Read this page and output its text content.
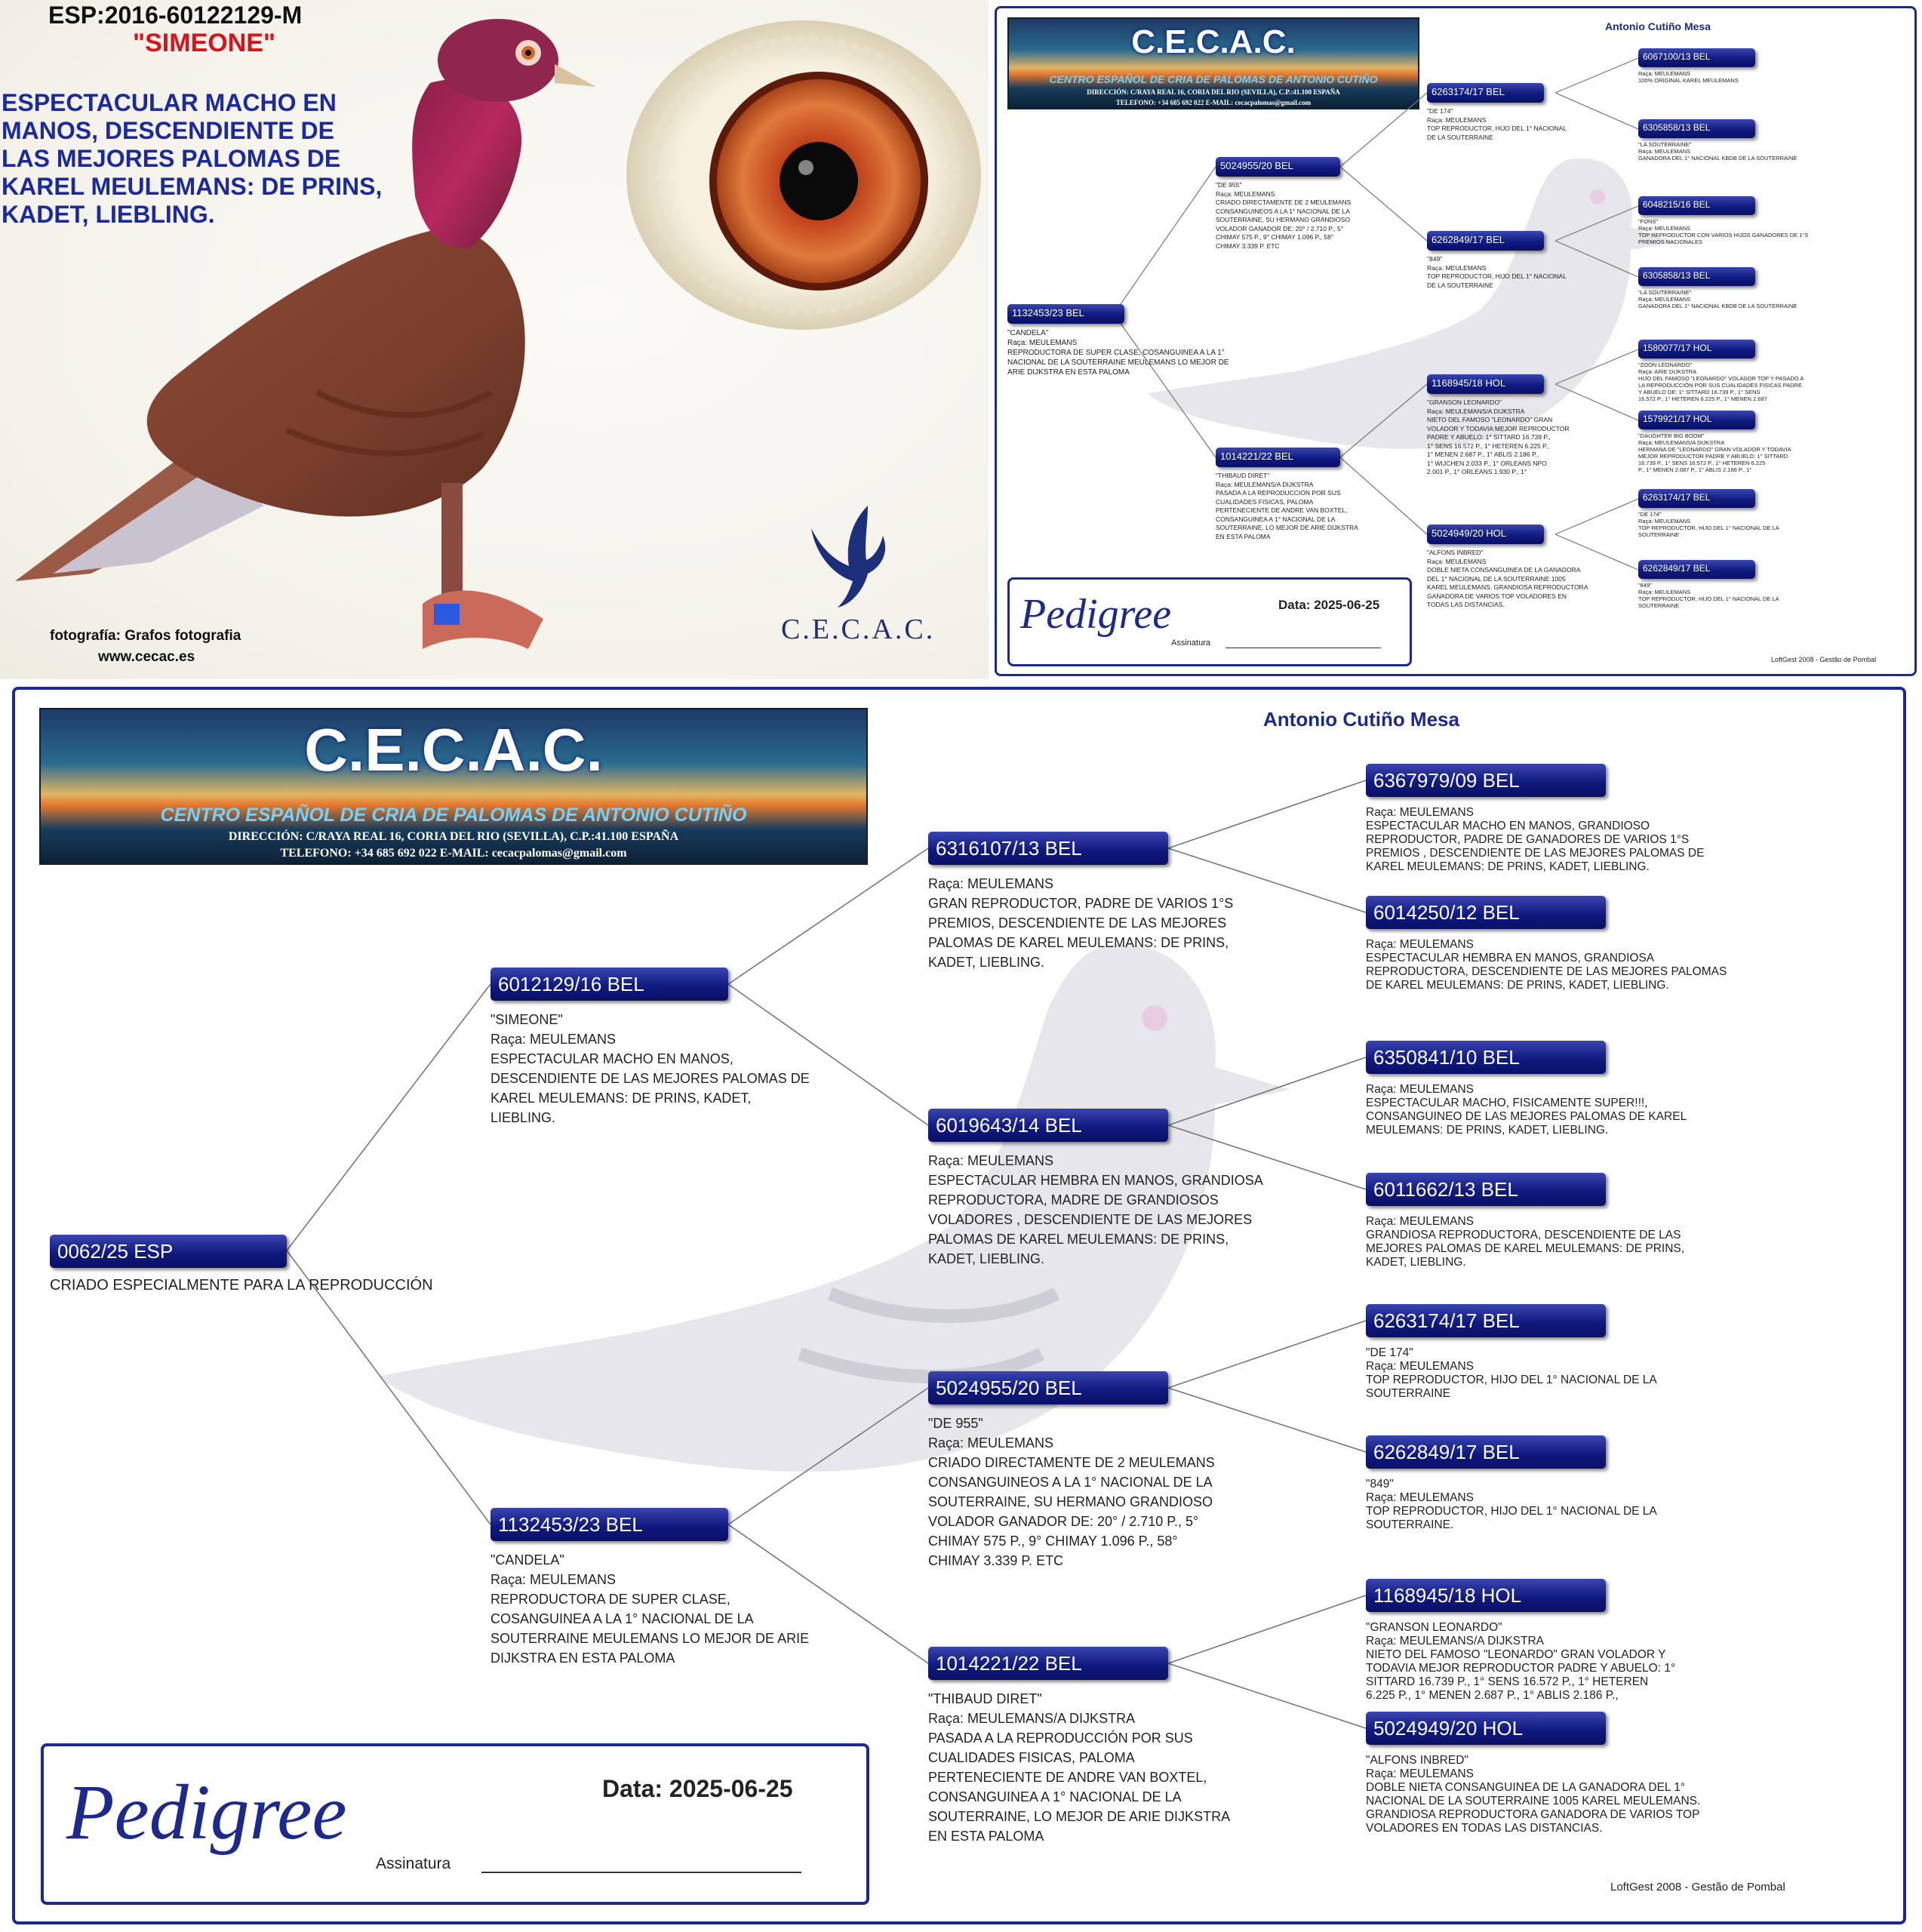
ESP:2016-60122129-M
"SIMEONE"
ESPECTACULAR MACHO EN
MANOS, DESCENDIENTE DE
LAS MEJORES PALOMAS DE
KAREL MEULEMANS: DE PRINS,
KADET, LIEBLING.
fotografía: Grafos fotografia
www.cecac.es
C.E.C.A.C.
C.E.C.A.C.
CENTRO ESPAÑOL DE CRIA DE PALOMAS DE ANTONIO CUTIÑO
DIRECCIÓN: C/RAYA REAL 16, CORIA DEL RIO (SEVILLA), C.P.:41.100 ESPAÑA
TELEFONO: +34 685 692 022 E-MAIL: cecacpalomas@gmail.com
Antonio Cutiño Mesa
1132453/23 BEL
"CANDELA"
Raça: MEULEMANS
REPRODUCTORA DE SUPER CLASE, COSANGUINEA A LA 1°
NACIONAL DE LA SOUTERRAINE MEULEMANS LO MEJOR DE
ARIE DIJKSTRA EN ESTA PALOMA
5024955/20 BEL
"DE 955"
Raça: MEULEMANS
CRIADO DIRECTAMENTE DE 2 MEULEMANS
CONSANGUINEOS A LA 1° NACIONAL DE LA
SOUTERRAINE, SU HERMANO GRANDIOSO
VOLADOR GANADOR DE: 20° / 2.710 P., 5°
CHIMAY 575 P., 9° CHIMAY 1.096 P., 58°
CHIMAY 3.339 P. ETC
1014221/22 BEL
"THIBAUD DIRET"
Raça: MEULEMANS/A DIJKSTRA
PASADA A LA REPRODUCCIÓN POR SUS
CUALIDADES FISICAS, PALOMA
PERTENECIENTE DE ANDRE VAN BOXTEL,
CONSANGUINEA A 1° NACIONAL DE LA
SOUTERRAINE, LO MEJOR DE ARIE DIJKSTRA
EN ESTA PALOMA
6263174/17 BEL
"DE 174"
Raça: MEULEMANS
TOP REPRODUCTOR, HIJO DEL 1° NACIONAL
DE LA SOUTERRAINE
6262849/17 BEL
"849"
Raça: MEULEMANS
TOP REPRODUCTOR, HIJO DEL 1° NACIONAL
DE LA SOUTERRAINE
1168945/18 HOL
"GRANSON LEONARDO"
Raça: MEULEMANS/A DIJKSTRA
NIETO DEL FAMOSO "LEONARDO" GRAN
VOLADOR Y TODAVIA MEJOR REPRODUCTOR
PADRE Y ABUELO: 1° SITTARD 16.739 P.,
1° SENS 16.572 P., 1° HETEREN 6.225 P.,
1° MENEN 2.687 P., 1° ABLIS 2.186 P.,
1° WIJCHEN 2.033 P., 1° ORLEANS NPO
2.001 P., 1° ORLEANS 1.930 P., 1°
5024949/20 HOL
"ALFONS INBRED"
Raça: MEULEMANS
DOBLE NIETA CONSANGUINEA DE LA GANADORA
DEL 1° NACIONAL DE LA SOUTERRAINE 1005
KAREL MEULEMANS. GRANDIOSA REPRODUCTORA
GANADORA DE VARIOS TOP VOLADORES EN
TODAS LAS DISTANCIAS.
6067100/13 BEL
Raça: MEULEMANS
100% ORIGINAL KAREL MEULEMANS
6305858/13 BEL
"LA SOUTERRAINE"
Raça: MEULEMANS
GANADORA DEL 1° NACIONAL KBDB DE LA SOUTERRAINE
6048215/16 BEL
"FONS"
Raça: MEULEMANS
TOP REPRODUCTOR CON VARIOS HIJOS GANADORES DE 1°S
PREMIOS NACIONALES
6305858/13 BEL
"LA SOUTERRAINE"
Raça: MEULEMANS
GANADORA DEL 1° NACIONAL KBDB DE LA SOUTERRAINE
1580077/17 HOL
"ZOON LEONARDO"
Raça: ARIE DIJKSTRA
HIJO DEL FAMOSO "LEONARDO" VOLADOR TOP Y PASADO A
LA REPRODUCCIÓN POR SUS CUALIDADES FISICAS PADRE
Y ABUELO DE: 1° SITTARD 16.739 P., 1° SENS
16.572 P., 1° HETEREN 6.225 P., 1° MENEN 2.687
1579921/17 HOL
"DAUGHTER BIG BOOM"
Raça: MEULEMANS/A DIJKSTRA
HERMANA DE "LEONARDO" GRAN VOLADOR Y TODAVIA
MEJOR REPRODUCTOR PADRE Y ABUELO: 1° SITTARD
16.739 P., 1° SENS 16.572 P., 1° HETEREN 6.225
P., 1° MENEN 2.687 P., 1° ABLIS 2.186 P., 1°
6263174/17 BEL
"DE 174"
Raça: MEULEMANS
TOP REPRODUCTOR, HIJO DEL 1° NACIONAL DE LA
SOUTERRAINE
6262849/17 BEL
"849"
Raça: MEULEMANS
TOP REPRODUCTOR, HIJO DEL 1° NACIONAL DE LA
SOUTERRAINE
Pedigree	Data: 2025-06-25
Assinatura
LoftGest 2008 - Gestão de Pombal
C.E.C.A.C.
CENTRO ESPAÑOL DE CRIA DE PALOMAS DE ANTONIO CUTIÑO
DIRECCIÓN: C/RAYA REAL 16, CORIA DEL RIO (SEVILLA), C.P.:41.100 ESPAÑA
TELEFONO: +34 685 692 022 E-MAIL: cecacpalomas@gmail.com
Antonio Cutiño Mesa
0062/25 ESP
CRIADO ESPECIALMENTE PARA LA REPRODUCCIÓN
6012129/16 BEL
"SIMEONE"
Raça: MEULEMANS
ESPECTACULAR MACHO EN MANOS,
DESCENDIENTE DE LAS MEJORES PALOMAS DE
KAREL MEULEMANS: DE PRINS, KADET,
LIEBLING.
1132453/23 BEL
"CANDELA"
Raça: MEULEMANS
REPRODUCTORA DE SUPER CLASE,
COSANGUINEA A LA 1° NACIONAL DE LA
SOUTERRAINE MEULEMANS LO MEJOR DE ARIE
DIJKSTRA EN ESTA PALOMA
6316107/13 BEL
Raça: MEULEMANS
GRAN REPRODUCTOR, PADRE DE VARIOS 1°S
PREMIOS, DESCENDIENTE DE LAS MEJORES
PALOMAS DE KAREL MEULEMANS: DE PRINS,
KADET, LIEBLING.
6019643/14 BEL
Raça: MEULEMANS
ESPECTACULAR HEMBRA EN MANOS, GRANDIOSA
REPRODUCTORA, MADRE DE GRANDIOSOS
VOLADORES , DESCENDIENTE DE LAS MEJORES
PALOMAS DE KAREL MEULEMANS: DE PRINS,
KADET, LIEBLING.
5024955/20 BEL
"DE 955"
Raça: MEULEMANS
CRIADO DIRECTAMENTE DE 2 MEULEMANS
CONSANGUINEOS A LA 1° NACIONAL DE LA
SOUTERRAINE, SU HERMANO GRANDIOSO
VOLADOR GANADOR DE: 20° / 2.710 P., 5°
CHIMAY 575 P., 9° CHIMAY 1.096 P., 58°
CHIMAY 3.339 P. ETC
1014221/22 BEL
"THIBAUD DIRET"
Raça: MEULEMANS/A DIJKSTRA
PASADA A LA REPRODUCCIÓN POR SUS
CUALIDADES FISICAS, PALOMA
PERTENECIENTE DE ANDRE VAN BOXTEL,
CONSANGUINEA A 1° NACIONAL DE LA
SOUTERRAINE, LO MEJOR DE ARIE DIJKSTRA
EN ESTA PALOMA
6367979/09 BEL
Raça: MEULEMANS
ESPECTACULAR MACHO EN MANOS, GRANDIOSO
REPRODUCTOR, PADRE DE GANADORES DE VARIOS 1°S
PREMIOS , DESCENDIENTE DE LAS MEJORES PALOMAS DE
KAREL MEULEMANS: DE PRINS, KADET, LIEBLING.
6014250/12 BEL
Raça: MEULEMANS
ESPECTACULAR HEMBRA EN MANOS, GRANDIOSA
REPRODUCTORA, DESCENDIENTE DE LAS MEJORES PALOMAS
DE KAREL MEULEMANS: DE PRINS, KADET, LIEBLING.
6350841/10 BEL
Raça: MEULEMANS
ESPECTACULAR MACHO, FISICAMENTE SUPER!!!,
CONSANGUINEO DE LAS MEJORES PALOMAS DE KAREL
MEULEMANS: DE PRINS, KADET, LIEBLING.
6011662/13 BEL
Raça: MEULEMANS
GRANDIOSA REPRODUCTORA, DESCENDIENTE DE LAS
MEJORES PALOMAS DE KAREL MEULEMANS: DE PRINS,
KADET, LIEBLING.
6263174/17 BEL
"DE 174"
Raça: MEULEMANS
TOP REPRODUCTOR, HIJO DEL 1° NACIONAL DE LA
SOUTERRAINE
6262849/17 BEL
"849"
Raça: MEULEMANS
TOP REPRODUCTOR, HIJO DEL 1° NACIONAL DE LA
SOUTERRAINE.
1168945/18 HOL
"GRANSON LEONARDO"
Raça: MEULEMANS/A DIJKSTRA
NIETO DEL FAMOSO "LEONARDO" GRAN VOLADOR Y
TODAVIA MEJOR REPRODUCTOR PADRE Y ABUELO: 1°
SITTARD 16.739 P., 1° SENS 16.572 P., 1° HETEREN
6.225 P., 1° MENEN 2.687 P., 1° ABLIS 2.186 P.,
5024949/20 HOL
"ALFONS INBRED"
Raça: MEULEMANS
DOBLE NIETA CONSANGUINEA DE LA GANADORA DEL 1°
NACIONAL DE LA SOUTERRAINE 1005 KAREL MEULEMANS.
GRANDIOSA REPRODUCTORA GANADORA DE VARIOS TOP
VOLADORES EN TODAS LAS DISTANCIAS.
Pedigree	Data: 2025-06-25
Assinatura
LoftGest 2008 - Gestão de Pombal
